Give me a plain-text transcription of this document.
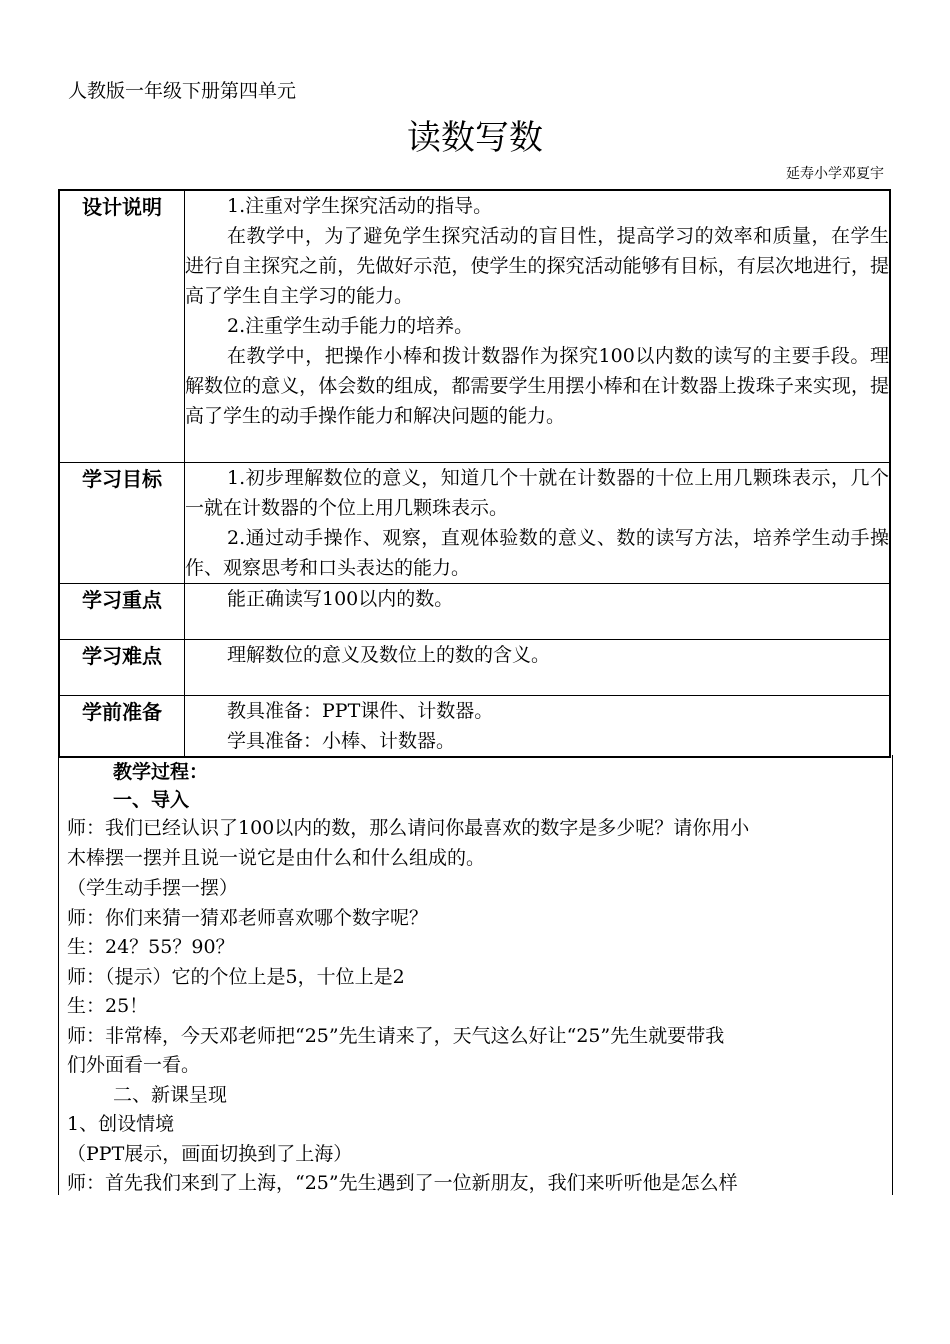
人教版一年级下册第四单元
读数写数
延寿小学邓夏宇
设计说明	1.注重对学生探究活动的指导。

在教学中，为了避免学生探究活动的盲目性，提高学习的效率和质量，在学生进行自主探究之前，先做好示范，使学生的探究活动能够有目标，有层次地进行，提高了学生自主学习的能力。

2.注重学生动手能力的培养。

在教学中，把操作小棒和拨计数器作为探究100以内数的读写的主要手段。理解数位的意义，体会数的组成，都需要学生用摆小棒和在计数器上拨珠子来实现，提高了学生的动手操作能力和解决问题的能力。

学习目标	1.初步理解数位的意义，知道几个十就在计数器的十位上用几颗珠表示，几个一就在计数器的个位上用几颗珠表示。

2.通过动手操作、观察，直观体验数的意义、数的读写方法，培养学生动手操作、观察思考和口头表达的能力。

学习重点	能正确读写100以内的数。

学习难点	理解数位的意义及数位上的数的含义。

学前准备	教具准备：PPT课件、计数器。

学具准备：小棒、计数器。

教学过程：
一、导入
师：我们已经认识了100以内的数，那么请问你最喜欢的数字是多少呢？请你用小
木棒摆一摆并且说一说它是由什么和什么组成的。
（学生动手摆一摆）
师：你们来猜一猜邓老师喜欢哪个数字呢？
生：24？55？90？
师：（提示）它的个位上是5，十位上是2
生：25！
师：非常棒，今天邓老师把“25”先生请来了，天气这么好让“25”先生就要带我
们外面看一看。
二、新课呈现
1、创设情境
（PPT展示，画面切换到了上海）
师：首先我们来到了上海，“25”先生遇到了一位新朋友，我们来听听他是怎么样
